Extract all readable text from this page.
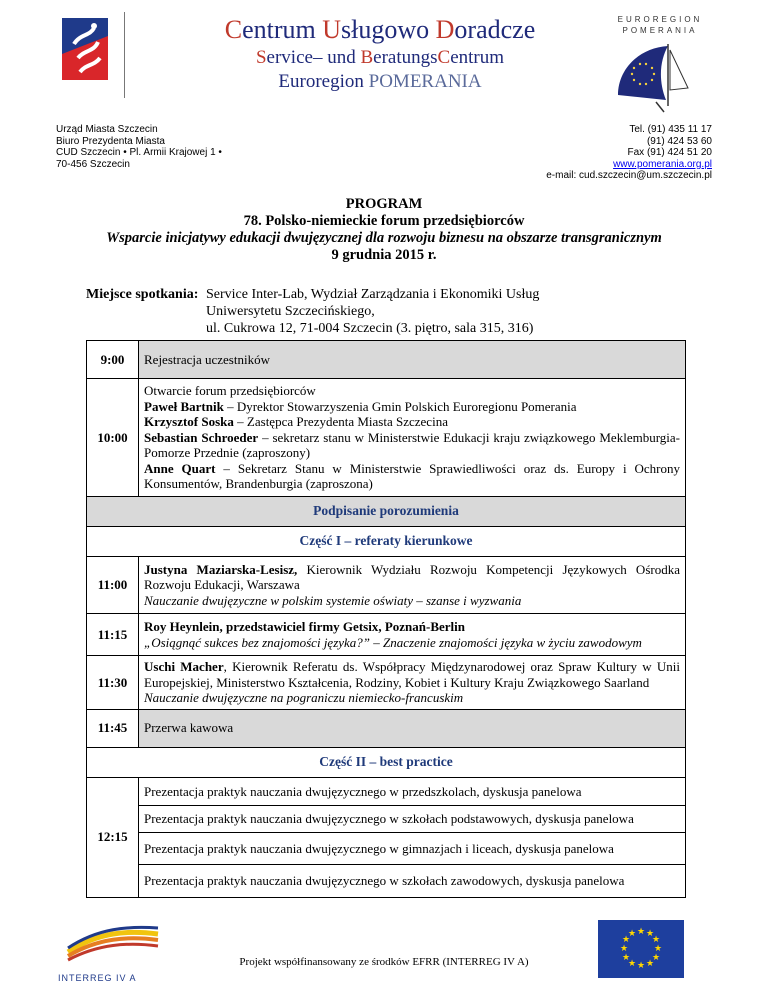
Centrum Usługowo Doradcze
Service– und BeratungsCentrum
Euroregion POMERANIA
EUROREGION
POMERANIA
Urząd Miasta Szczecin
Biuro Prezydenta Miasta
CUD Szczecin • Pl. Armii Krajowej 1 •
70-456 Szczecin
Tel. (91) 435 11 17
(91) 424 53 60
Fax (91) 424 51 20
www.pomerania.org.pl
e-mail: cud.szczecin@um.szczecin.pl
PROGRAM
78. Polsko-niemieckie forum przedsiębiorców
Wsparcie inicjatywy edukacji dwujęzycznej dla rozwoju biznesu na obszarze transgranicznym
9 grudnia 2015 r.
Miejsce spotkania: Service Inter-Lab, Wydział Zarządzania i Ekonomiki Usług
Uniwersytetu Szczecińskiego,
ul. Cukrowa 12, 71-004 Szczecin (3. piętro, sala 315, 316)
9:00	Rejestracja uczestników
10:00	Otwarcie forum przedsiębiorców
Paweł Bartnik – Dyrektor Stowarzyszenia Gmin Polskich Euroregionu Pomerania
Krzysztof Soska – Zastępca Prezydenta Miasta Szczecina
Sebastian Schroeder – sekretarz stanu w Ministerstwie Edukacji kraju związkowego Meklemburgia-Pomorze Przednie (zaproszony)
Anne Quart – Sekretarz Stanu w Ministerstwie Sprawiedliwości oraz ds. Europy i Ochrony Konsumentów, Brandenburgia (zaproszona)

Podpisanie porozumienia	
Część I – referaty kierunkowe	
11:00	Justyna Maziarska-Lesisz, Kierownik Wydziału Rozwoju Kompetencji Językowych Ośrodka Rozwoju Edukacji, Warszawa
Nauczanie dwujęzyczne w polskim systemie oświaty – szanse i wyzwania

11:15	Roy Heynlein, przedstawiciel firmy Getsix, Poznań-Berlin
„Osiągnąć sukces bez znajomości języka?” – Znaczenie znajomości języka w życiu zawodowym

11:30	Uschi Macher, Kierownik Referatu ds. Współpracy Międzynarodowej oraz Spraw Kultury w Unii Europejskiej, Ministerstwo Kształcenia, Rodziny, Kobiet i Kultury Kraju Związkowego Saarland
Nauczanie dwujęzyczne na pograniczu niemiecko-francuskim

11:45	Przerwa kawowa
Część II – best practice	
12:15	Prezentacja praktyk nauczania dwujęzycznego w przedszkolach, dyskusja panelowa
Prezentacja praktyk nauczania dwujęzycznego w szkołach podstawowych, dyskusja panelowa
Prezentacja praktyk nauczania dwujęzycznego w gimnazjach i liceach, dyskusja panelowa
Prezentacja praktyk nauczania dwujęzycznego w szkołach zawodowych, dyskusja panelowa
INTERREG IV A
Projekt współfinansowany ze środków EFRR (INTERREG IV A)
★ ★
★
★
★
★
★
★
★
★
★
★
